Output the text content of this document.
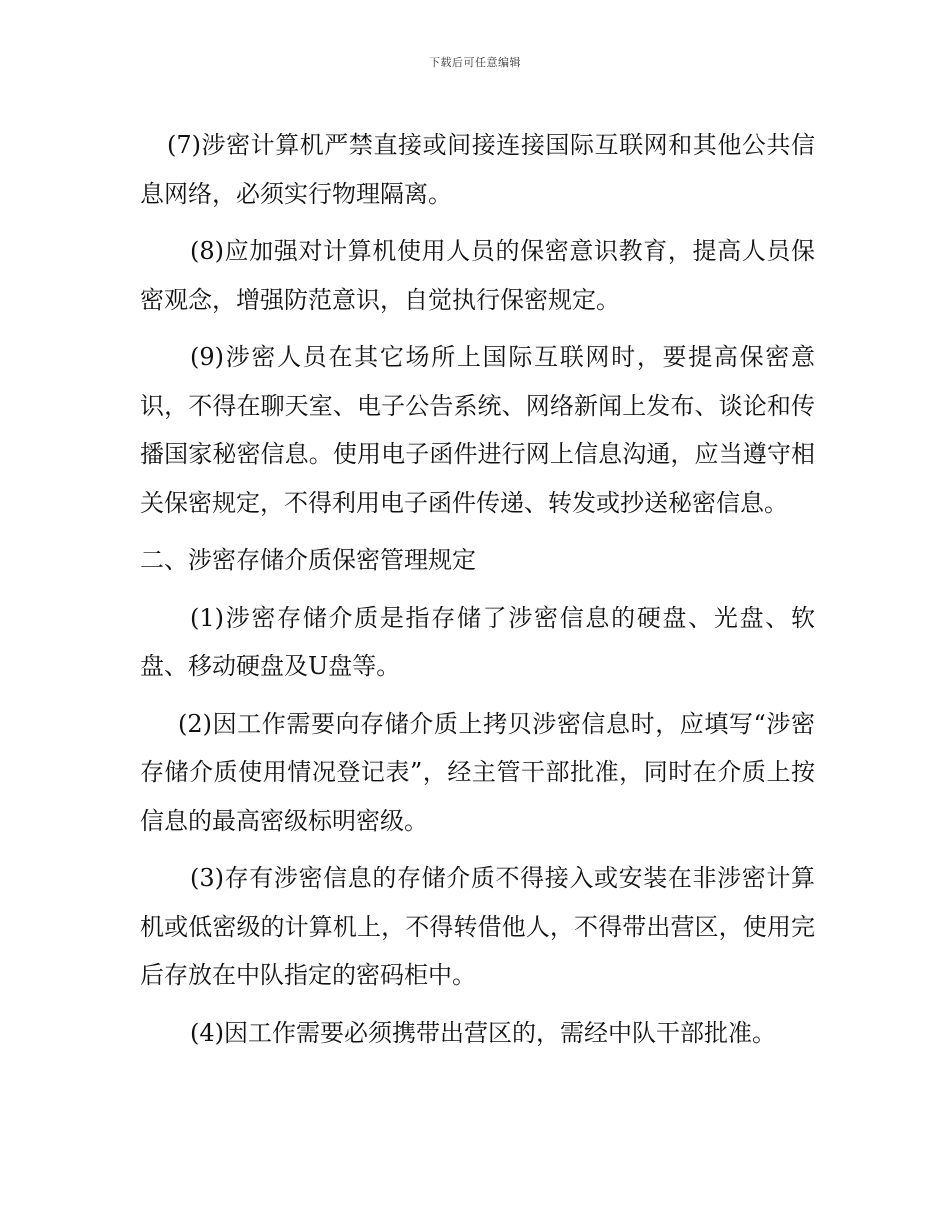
下载后可任意编辑

(7)涉密计算机严禁直接或间接连接国际互联网和其他公共信息网络，必须实行物理隔离。

(8)应加强对计算机使用人员的保密意识教育，提高人员保密观念，增强防范意识，自觉执行保密规定。

(9)涉密人员在其它场所上国际互联网时，要提高保密意识，不得在聊天室、电子公告系统、网络新闻上发布、谈论和传播国家秘密信息。使用电子函件进行网上信息沟通，应当遵守相关保密规定，不得利用电子函件传递、转发或抄送秘密信息。

二、涉密存储介质保密管理规定

(1)涉密存储介质是指存储了涉密信息的硬盘、光盘、软盘、移动硬盘及U盘等。

(2)因工作需要向存储介质上拷贝涉密信息时，应填写“涉密存储介质使用情况登记表”，经主管干部批准，同时在介质上按信息的最高密级标明密级。

(3)存有涉密信息的存储介质不得接入或安装在非涉密计算机或低密级的计算机上，不得转借他人，不得带出营区，使用完后存放在中队指定的密码柜中。

(4)因工作需要必须携带出营区的，需经中队干部批准。
